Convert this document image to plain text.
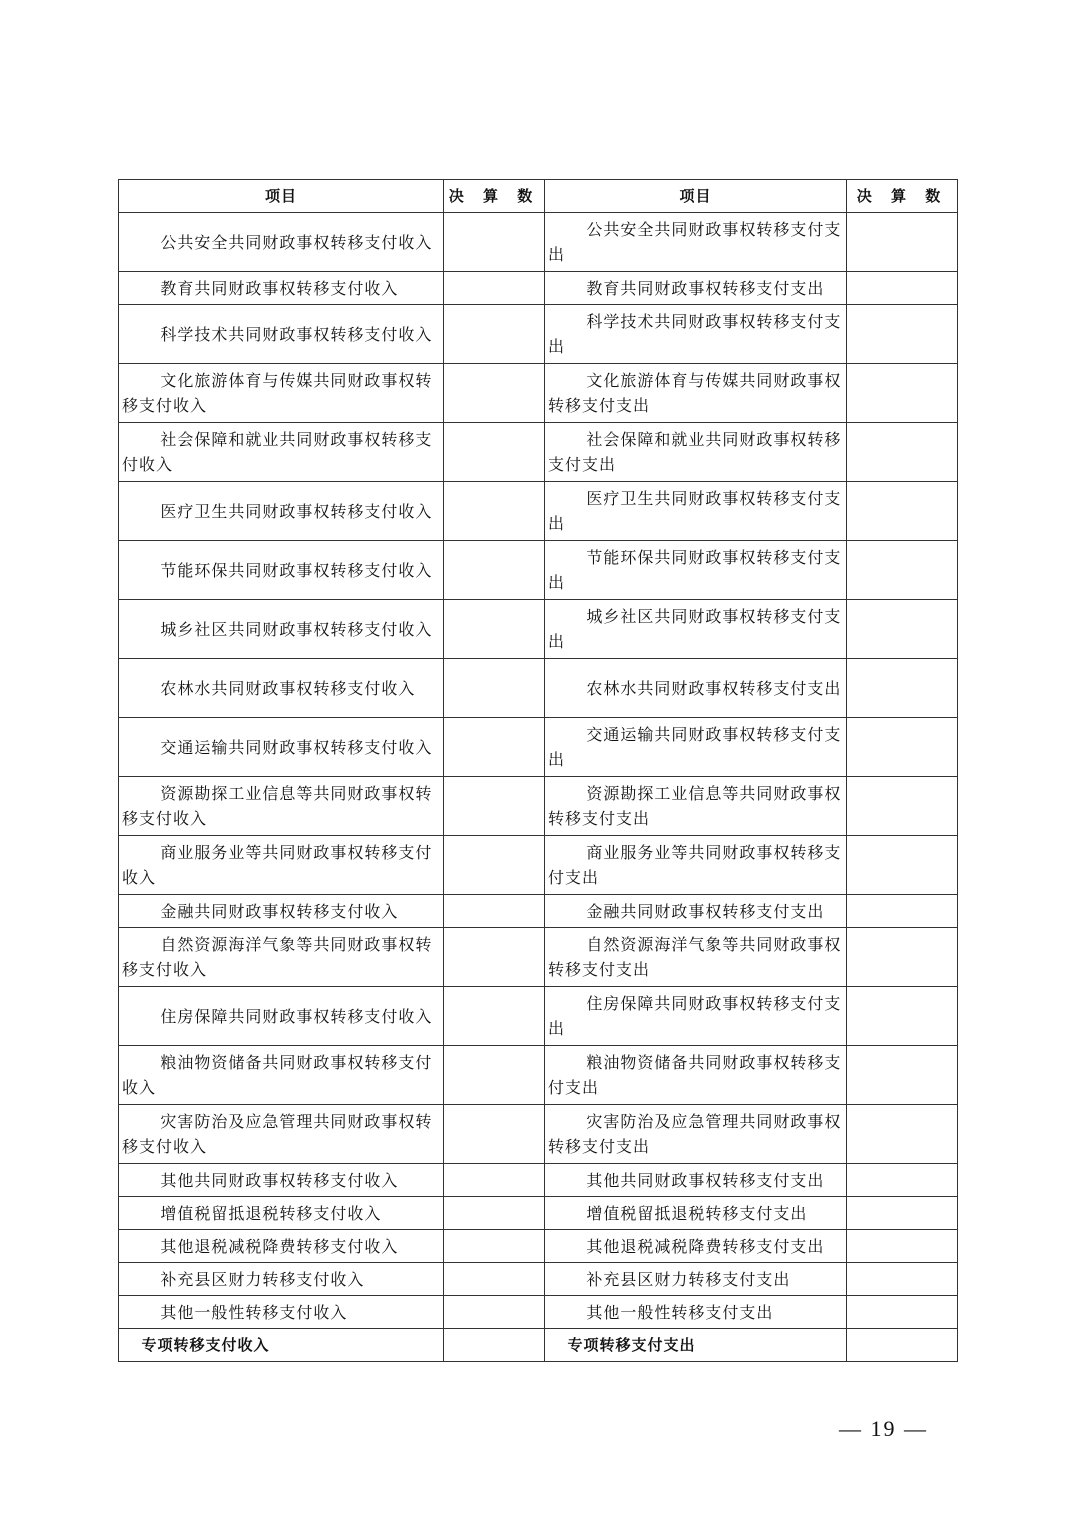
项目	决 算 数	项目	决 算 数
公共安全共同财政事权转移支付收入		公共安全共同财政事权转移支付支出	
教育共同财政事权转移支付收入		教育共同财政事权转移支付支出	
科学技术共同财政事权转移支付收入		科学技术共同财政事权转移支付支出	
文化旅游体育与传媒共同财政事权转移支付收入		文化旅游体育与传媒共同财政事权转移支付支出	
社会保障和就业共同财政事权转移支付收入		社会保障和就业共同财政事权转移支付支出	
医疗卫生共同财政事权转移支付收入		医疗卫生共同财政事权转移支付支出	
节能环保共同财政事权转移支付收入		节能环保共同财政事权转移支付支出	
城乡社区共同财政事权转移支付收入		城乡社区共同财政事权转移支付支出	
农林水共同财政事权转移支付收入		农林水共同财政事权转移支付支出	
交通运输共同财政事权转移支付收入		交通运输共同财政事权转移支付支出	
资源勘探工业信息等共同财政事权转移支付收入		资源勘探工业信息等共同财政事权转移支付支出	
商业服务业等共同财政事权转移支付收入		商业服务业等共同财政事权转移支付支出	
金融共同财政事权转移支付收入		金融共同财政事权转移支付支出	
自然资源海洋气象等共同财政事权转移支付收入		自然资源海洋气象等共同财政事权转移支付支出	
住房保障共同财政事权转移支付收入		住房保障共同财政事权转移支付支出	
粮油物资储备共同财政事权转移支付收入		粮油物资储备共同财政事权转移支付支出	
灾害防治及应急管理共同财政事权转移支付收入		灾害防治及应急管理共同财政事权转移支付支出	
其他共同财政事权转移支付收入		其他共同财政事权转移支付支出	
增值税留抵退税转移支付收入		增值税留抵退税转移支付支出	
其他退税减税降费转移支付收入		其他退税减税降费转移支付支出	
补充县区财力转移支付收入		补充县区财力转移支付支出	
其他一般性转移支付收入		其他一般性转移支付支出	
专项转移支付收入		专项转移支付支出	
— 19 —
